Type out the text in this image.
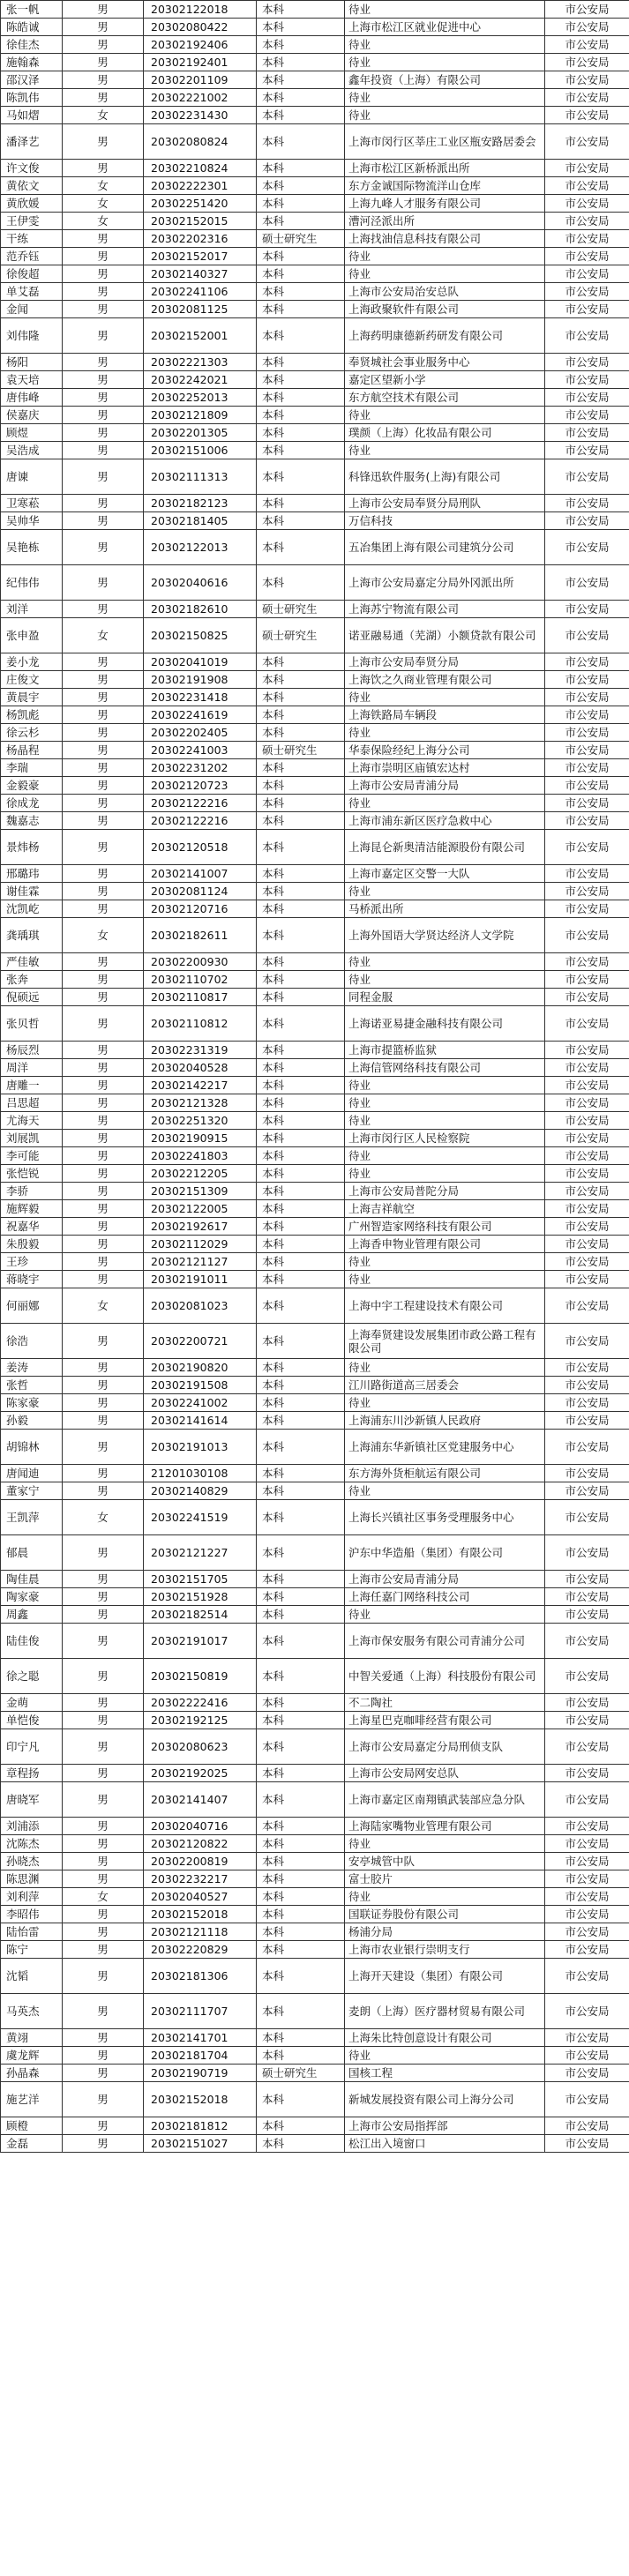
张一帆	男	20302122018	本科	待业	市公安局
陈皓诚	男	20302080422	本科	上海市松江区就业促进中心	市公安局
徐佳杰	男	20302192406	本科	待业	市公安局
施翰森	男	20302192401	本科	待业	市公安局
邵汉泽	男	20302201109	本科	鑫年投资（上海）有限公司	市公安局
陈凯伟	男	20302221002	本科	待业	市公安局
马如熠	女	20302231430	本科	待业	市公安局
潘泽艺	男	20302080824	本科	上海市闵行区莘庄工业区瓶安路居委会	市公安局
许文俊	男	20302210824	本科	上海市松江区新桥派出所	市公安局
黄依文	女	20302222301	本科	东方金诚国际物流洋山仓库	市公安局
黄欣媛	女	20302251420	本科	上海九峰人才服务有限公司	市公安局
王伊雯	女	20302152015	本科	漕河泾派出所	市公安局
干练	男	20302202316	硕士研究生	上海找油信息科技有限公司	市公安局
范乔钰	男	20302152017	本科	待业	市公安局
徐俊超	男	20302140327	本科	待业	市公安局
单艾磊	男	20302241106	本科	上海市公安局治安总队	市公安局
金闻	男	20302081125	本科	上海政聚软件有限公司	市公安局
刘伟隆	男	20302152001	本科	上海药明康德新药研发有限公司	市公安局
杨阳	男	20302221303	本科	奉贤城社会事业服务中心	市公安局
袁天培	男	20302242021	本科	嘉定区望新小学	市公安局
唐伟峰	男	20302252013	本科	东方航空技术有限公司	市公安局
侯嘉庆	男	20302121809	本科	待业	市公安局
顾煜	男	20302201305	本科	璞颜（上海）化妆品有限公司	市公安局
吴浩成	男	20302151006	本科	待业	市公安局
唐谏	男	20302111313	本科	科锋迅软件服务(上海)有限公司	市公安局
卫寒菘	男	20302182123	本科	上海市公安局奉贤分局刑队	市公安局
吴帅华	男	20302181405	本科	万信科技	市公安局
吴艳栋	男	20302122013	本科	五冶集团上海有限公司建筑分公司	市公安局
纪伟伟	男	20302040616	本科	上海市公安局嘉定分局外冈派出所	市公安局
刘洋	男	20302182610	硕士研究生	上海苏宁物流有限公司	市公安局
张申盈	女	20302150825	硕士研究生	诺亚融易通（芜湖）小额贷款有限公司	市公安局
姜小龙	男	20302041019	本科	上海市公安局奉贤分局	市公安局
庄俊文	男	20302191908	本科	上海饮之久商业管理有限公司	市公安局
黄晨宇	男	20302231418	本科	待业	市公安局
杨凯彪	男	20302241619	本科	上海铁路局车辆段	市公安局
徐云杉	男	20302202405	本科	待业	市公安局
杨晶程	男	20302241003	硕士研究生	华泰保险经纪上海分公司	市公安局
李瑞	男	20302231202	本科	上海市崇明区庙镇宏达村	市公安局
金毅豪	男	20302120723	本科	上海市公安局青浦分局	市公安局
徐成龙	男	20302122216	本科	待业	市公安局
魏嘉志	男	20302122216	本科	上海市浦东新区医疗急救中心	市公安局
景炜杨	男	20302120518	本科	上海昆仑新奥清洁能源股份有限公司	市公安局
邢璐玮	男	20302141007	本科	上海市嘉定区交警一大队	市公安局
谢佳霖	男	20302081124	本科	待业	市公安局
沈凯屹	男	20302120716	本科	马桥派出所	市公安局
龚瑀琪	女	20302182611	本科	上海外国语大学贤达经济人文学院	市公安局
严佳敏	男	20302200930	本科	待业	市公安局
张奔	男	20302110702	本科	待业	市公安局
倪硕远	男	20302110817	本科	同程金服	市公安局
张贝哲	男	20302110812	本科	上海诺亚易捷金融科技有限公司	市公安局
杨辰烈	男	20302231319	本科	上海市提篮桥监狱	市公安局
周洋	男	20302040528	本科	上海信管网络科技有限公司	市公安局
唐雕一	男	20302142217	本科	待业	市公安局
吕思超	男	20302121328	本科	待业	市公安局
尤海天	男	20302251320	本科	待业	市公安局
刘展凯	男	20302190915	本科	上海市闵行区人民检察院	市公安局
李可能	男	20302241803	本科	待业	市公安局
张恺锐	男	20302212205	本科	待业	市公安局
李骄	男	20302151309	本科	上海市公安局普陀分局	市公安局
施辉毅	男	20302122005	本科	上海吉祥航空	市公安局
祝嘉华	男	20302192617	本科	广州智造家网络科技有限公司	市公安局
朱殷毅	男	20302112029	本科	上海香申物业管理有限公司	市公安局
王珍	男	20302121127	本科	待业	市公安局
蒋晓宇	男	20302191011	本科	待业	市公安局
何丽娜	女	20302081023	本科	上海中宇工程建设技术有限公司	市公安局
徐浩	男	20302200721	本科	上海奉贤建设发展集团市政公路工程有限公司	市公安局
姜涛	男	20302190820	本科	待业	市公安局
张哲	男	20302191508	本科	江川路街道高三居委会	市公安局
陈家豪	男	20302241002	本科	待业	市公安局
孙毅	男	20302141614	本科	上海浦东川沙新镇人民政府	市公安局
胡锦林	男	20302191013	本科	上海浦东华新镇社区党建服务中心	市公安局
唐闻迪	男	21201030108	本科	东方海外货柜航运有限公司	市公安局
董家宁	男	20302140829	本科	待业	市公安局
王凯萍	女	20302241519	本科	上海长兴镇社区事务受理服务中心	市公安局
郁晨	男	20302121227	本科	沪东中华造船（集团）有限公司	市公安局
陶佳晨	男	20302151705	本科	上海市公安局青浦分局	市公安局
陶家豪	男	20302151928	本科	上海任嘉门网络科技公司	市公安局
周鑫	男	20302182514	本科	待业	市公安局
陆佳俊	男	20302191017	本科	上海市保安服务有限公司青浦分公司	市公安局
徐之聪	男	20302150819	本科	中智关爱通（上海）科技股份有限公司	市公安局
金萌	男	20302222416	本科	不二陶社	市公安局
单恺俊	男	20302192125	本科	上海星巴克咖啡经营有限公司	市公安局
印宁凡	男	20302080623	本科	上海市公安局嘉定分局刑侦支队	市公安局
章程扬	男	20302192025	本科	上海市公安局网安总队	市公安局
唐晓军	男	20302141407	本科	上海市嘉定区南翔镇武装部应急分队	市公安局
刘浦添	男	20302040716	本科	上海陆家嘴物业管理有限公司	市公安局
沈陈杰	男	20302120822	本科	待业	市公安局
孙晓杰	男	20302200819	本科	安亭城管中队	市公安局
陈思渊	男	20302232217	本科	富士胶片	市公安局
刘利萍	女	20302040527	本科	待业	市公安局
李昭伟	男	20302152018	本科	国联证券股份有限公司	市公安局
陆怡雷	男	20302121118	本科	杨浦分局	市公安局
陈宁	男	20302220829	本科	上海市农业银行崇明支行	市公安局
沈韬	男	20302181306	本科	上海开天建设（集团）有限公司	市公安局
马英杰	男	20302111707	本科	麦朗（上海）医疗器材贸易有限公司	市公安局
黄翊	男	20302141701	本科	上海朱比特创意设计有限公司	市公安局
虞龙辉	男	20302181704	本科	待业	市公安局
孙晶森	男	20302190719	硕士研究生	国核工程	市公安局
施艺洋	男	20302152018	本科	新城发展投资有限公司上海分公司	市公安局
顾橙	男	20302181812	本科	上海市公安局指挥部	市公安局
金磊	男	20302151027	本科	松江出入境窗口	市公安局
